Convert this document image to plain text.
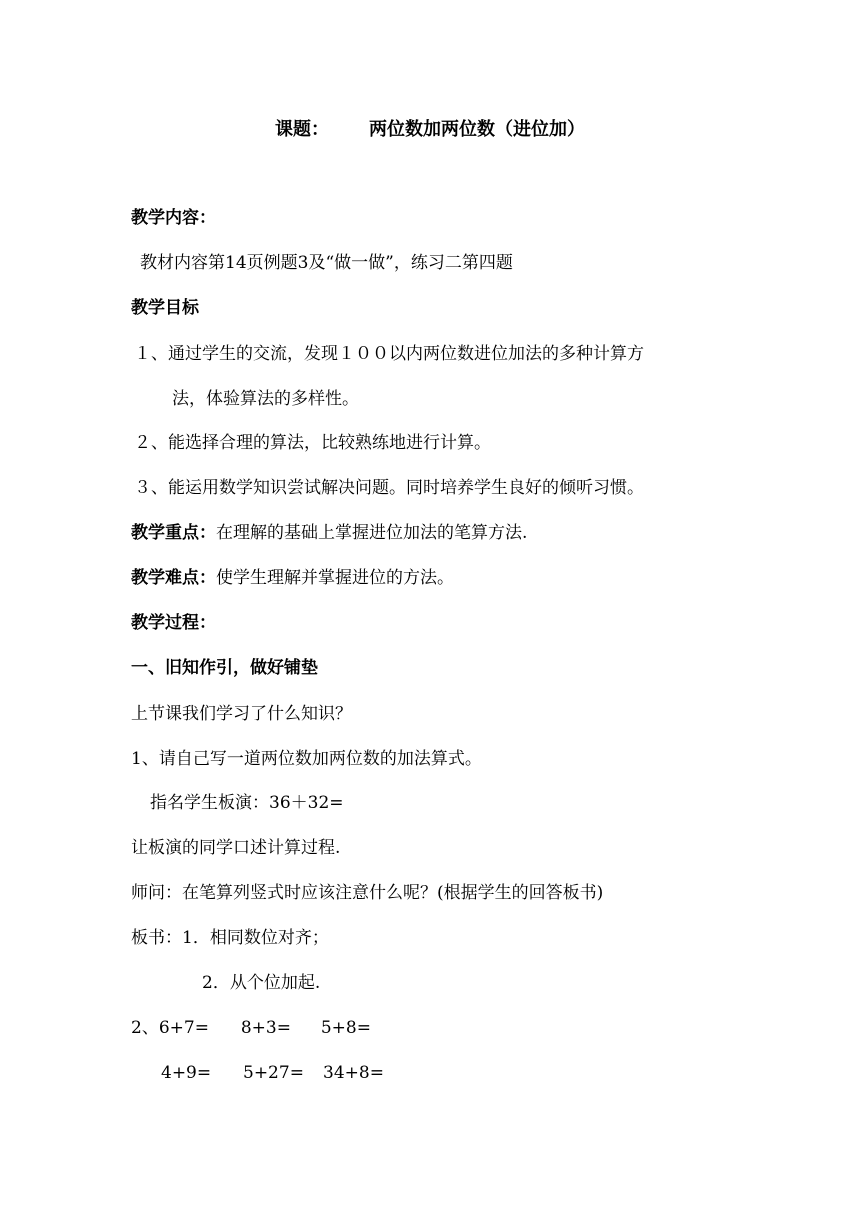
课题： 两位数加两位数（进位加）
教学内容：
教材内容第14页例题3及“做一做”，练习二第四题
教学目标
１、通过学生的交流，发现１００以内两位数进位加法的多种计算方
法，体验算法的多样性。
２、能选择合理的算法，比较熟练地进行计算。
３、能运用数学知识尝试解决问题。同时培养学生良好的倾听习惯。
教学重点：在理解的基础上掌握进位加法的笔算方法.
教学难点：使学生理解并掌握进位的方法。
教学过程：
一、旧知作引，做好铺垫
上节课我们学习了什么知识？
1、请自己写一道两位数加两位数的加法算式。
指名学生板演：36＋32=
让板演的同学口述计算过程.
师问：在笔算列竖式时应该注意什么呢？(根据学生的回答板书)
板书：1．相同数位对齐；
2．从个位加起.
2、6+7= 8+3= 5+8=
4+9= 5+27= 34+8=
